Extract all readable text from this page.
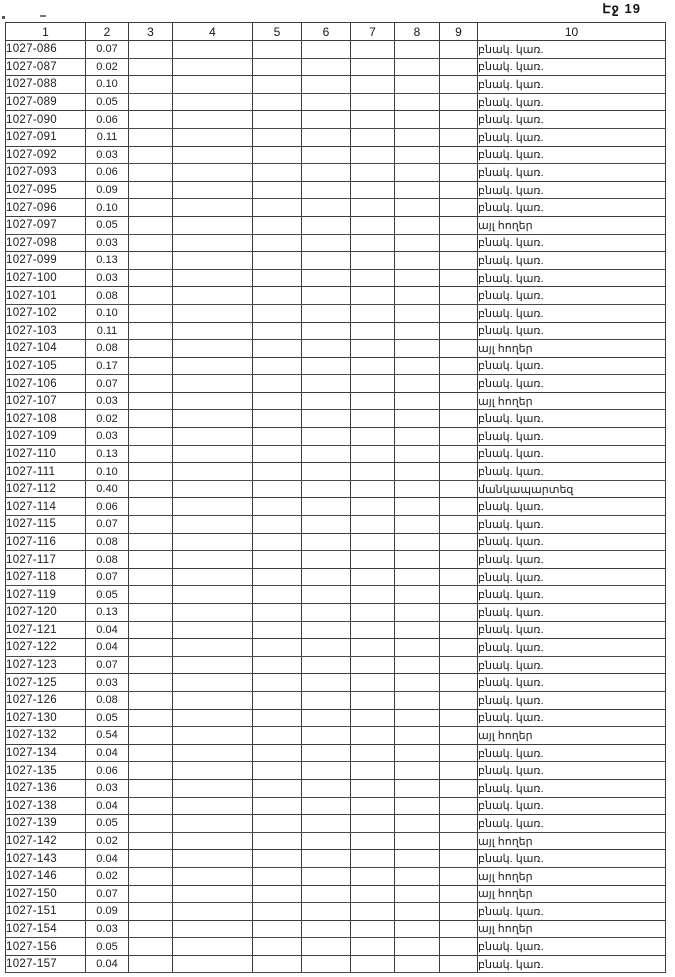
Էջ 19
1	2	3	4	5	6	7	8	9	10
1027-086	0.07								բնակ. կառ.
1027-087	0.02								բնակ. կառ.
1027-088	0.10								բնակ. կառ.
1027-089	0.05								բնակ. կառ.
1027-090	0.06								բնակ. կառ.
1027-091	0.11								բնակ. կառ.
1027-092	0.03								բնակ. կառ.
1027-093	0.06								բնակ. կառ.
1027-095	0.09								բնակ. կառ.
1027-096	0.10								բնակ. կառ.
1027-097	0.05								այլ հողեր
1027-098	0.03								բնակ. կառ.
1027-099	0.13								բնակ. կառ.
1027-100	0.03								բնակ. կառ.
1027-101	0.08								բնակ. կառ.
1027-102	0.10								բնակ. կառ.
1027-103	0.11								բնակ. կառ.
1027-104	0.08								այլ հողեր
1027-105	0.17								բնակ. կառ.
1027-106	0.07								բնակ. կառ.
1027-107	0.03								այլ հողեր
1027-108	0.02								բնակ. կառ.
1027-109	0.03								բնակ. կառ.
1027-110	0.13								բնակ. կառ.
1027-111	0.10								բնակ. կառ.
1027-112	0.40								մանկապարտեզ
1027-114	0.06								բնակ. կառ.
1027-115	0.07								բնակ. կառ.
1027-116	0.08								բնակ. կառ.
1027-117	0.08								բնակ. կառ.
1027-118	0.07								բնակ. կառ.
1027-119	0.05								բնակ. կառ.
1027-120	0.13								բնակ. կառ.
1027-121	0.04								բնակ. կառ.
1027-122	0.04								բնակ. կառ.
1027-123	0.07								բնակ. կառ.
1027-125	0.03								բնակ. կառ.
1027-126	0.08								բնակ. կառ.
1027-130	0.05								բնակ. կառ.
1027-132	0.54								այլ հողեր
1027-134	0.04								բնակ. կառ.
1027-135	0.06								բնակ. կառ.
1027-136	0.03								բնակ. կառ.
1027-138	0.04								բնակ. կառ.
1027-139	0.05								բնակ. կառ.
1027-142	0.02								այլ հողեր
1027-143	0.04								բնակ. կառ.
1027-146	0.02								այլ հողեր
1027-150	0.07								այլ հողեր
1027-151	0.09								բնակ. կառ.
1027-154	0.03								այլ հողեր
1027-156	0.05								բնակ. կառ.
1027-157	0.04								բնակ. կառ.
